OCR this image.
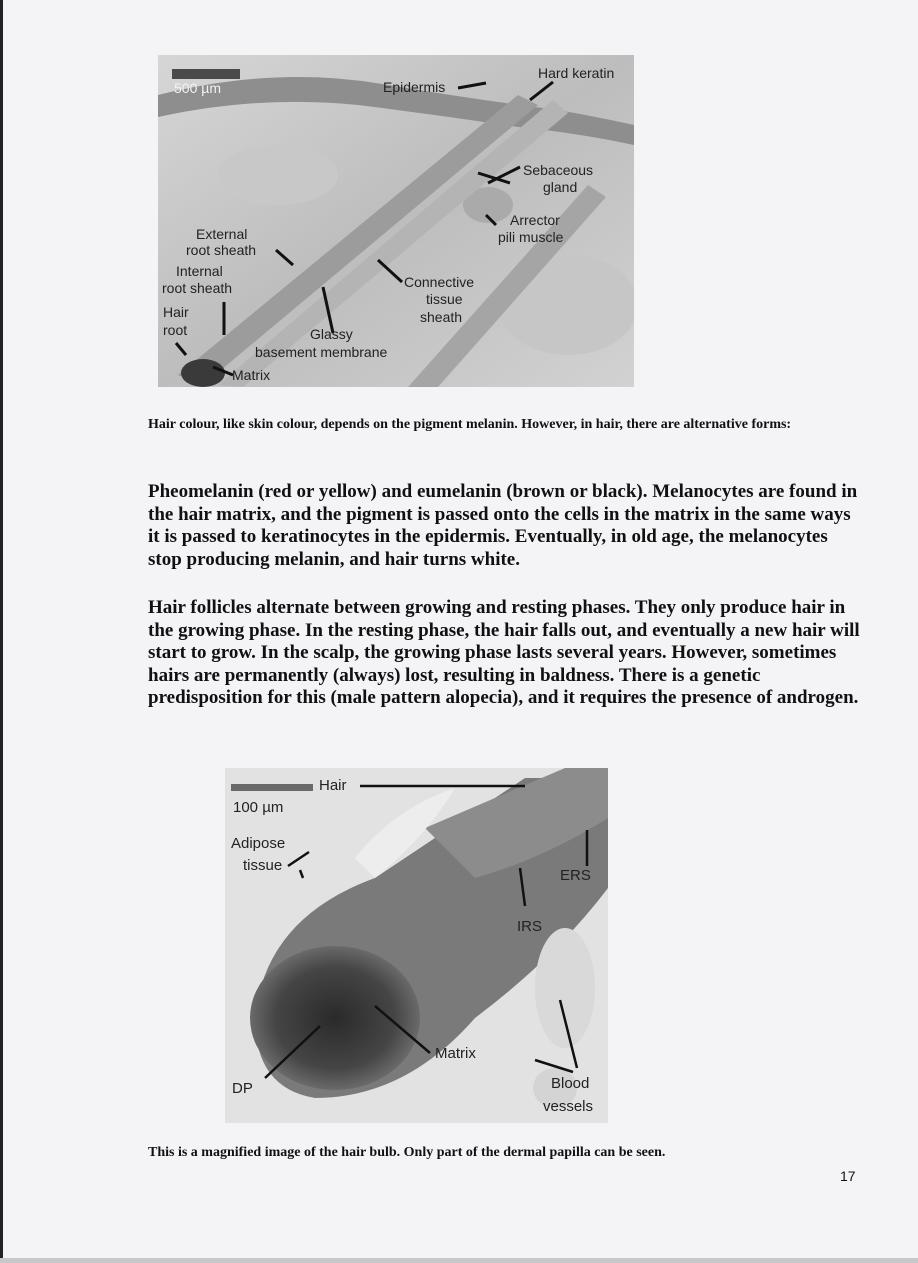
500 µm	Epidermis
Hard keratin
Sebaceous
gland
Arrector
pili muscle
External
root sheath
Internal
root sheath
Hair
root
Connective
tissue
sheath
Glassy
basement membrane
Matrix

Hair colour, like skin colour, depends on the pigment melanin. However, in hair, there are alternative forms:

Pheomelanin (red or yellow) and eumelanin (brown or black). Melanocytes are found in the hair matrix, and the pigment is passed onto the cells in the matrix in the same ways it is passed to keratinocytes in the epidermis. Eventually, in old age, the melanocytes stop producing melanin, and hair turns white.

Hair follicles alternate between growing and resting phases. They only produce hair in the growing phase. In the resting phase, the hair falls out, and eventually a new hair will start to grow. In the scalp, the growing phase lasts several years. However, sometimes hairs are permanently (always) lost, resulting in baldness. There is a genetic predisposition for this (male pattern alopecia), and it requires the presence of androgen.

100 µm
Hair
Adipose
tissue
ERS
IRS
Matrix
DP	Blood
vessels

This is a magnified image of the hair bulb. Only part of the dermal papilla can be seen.

17
